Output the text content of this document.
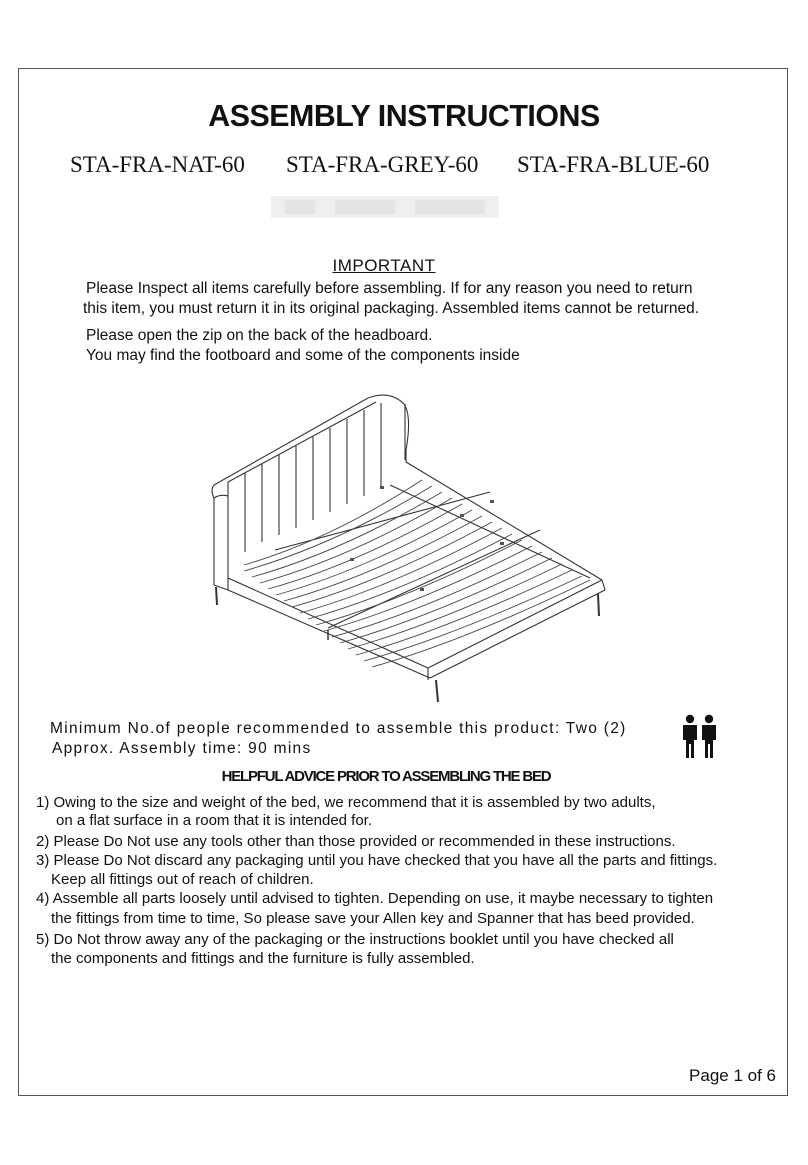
ASSEMBLY INSTRUCTIONS
STA-FRA-NAT-60 STA-FRA-GREY-60 STA-FRA-BLUE-60
IMPORTANT
Please Inspect all items carefully before assembling. If for any reason you need to return
this item, you must return it in its original packaging. Assembled items cannot be returned.
Please open the zip on the back of the headboard.
You may find the footboard and some of the components inside
Minimum No.of people recommended to assemble this product: Two (2)
Approx. Assembly time: 90 mins
HELPFUL ADVICE PRIOR TO ASSEMBLING THE BED
1) Owing to the size and weight of the bed, we recommend that it is assembled by two adults,
on a flat surface in a room that it is intended for.
2) Please Do Not use any tools other than those provided or recommended in these instructions.
3) Please Do Not discard any packaging until you have checked that you have all the parts and fittings.
Keep all fittings out of reach of children.
4) Assemble all parts loosely until advised to tighten. Depending on use, it maybe necessary to tighten
the fittings from time to time, So please save your Allen key and Spanner that has beed provided.
5) Do Not throw away any of the packaging or the instructions booklet until you have checked all
the components and fittings and the furniture is fully assembled.
Page 1 of 6
